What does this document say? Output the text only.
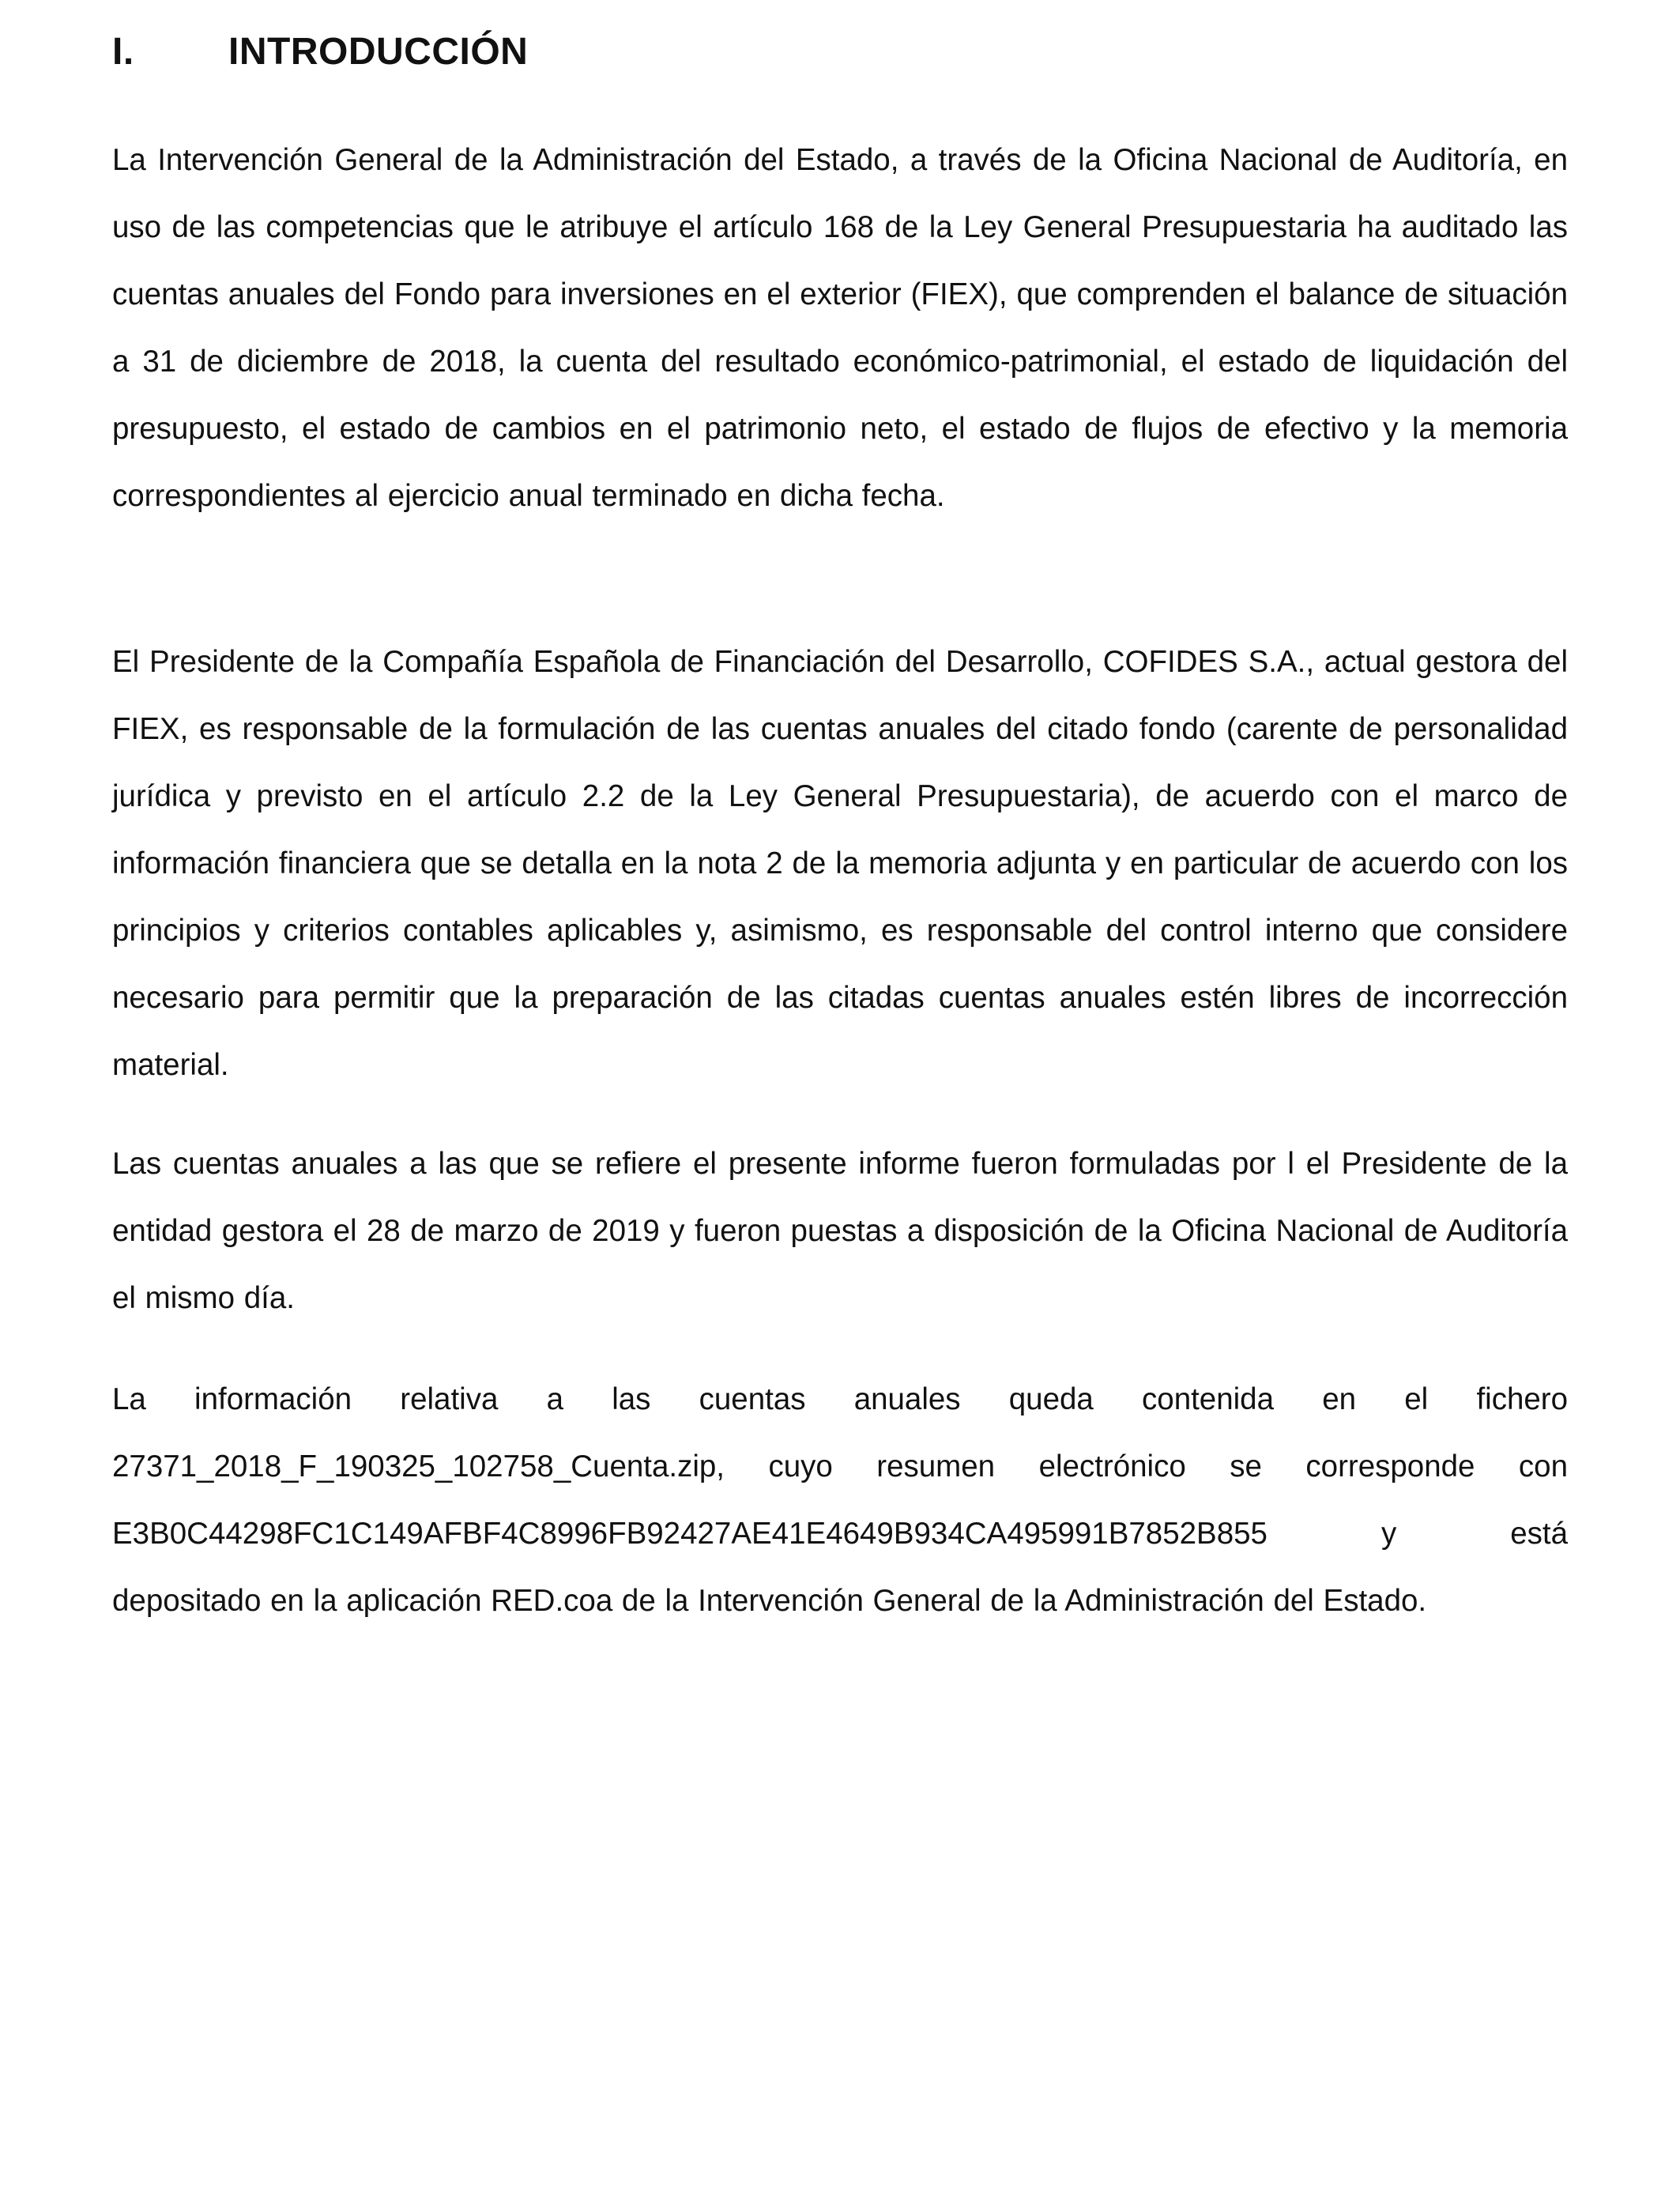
I.	INTRODUCCIÓN

La Intervención General de la Administración del Estado, a través de la Oficina Nacional de Auditoría, en uso de las competencias que le atribuye el artículo 168 de la Ley General Presupuestaria ha auditado las cuentas anuales del Fondo para inversiones en el exterior (FIEX), que comprenden el balance de situación a 31 de diciembre de 2018, la cuenta del resultado económico-patrimonial, el estado de liquidación del presupuesto, el estado de cambios en el patrimonio neto, el estado de flujos de efectivo y la memoria correspondientes al ejercicio anual terminado en dicha fecha.

El Presidente de la Compañía Española de Financiación del Desarrollo, COFIDES S.A., actual gestora del FIEX, es responsable de la formulación de las cuentas anuales del citado fondo (carente de personalidad jurídica y previsto en el artículo 2.2 de la Ley General Presupuestaria), de acuerdo con el marco de información financiera que se detalla en la nota 2 de la memoria adjunta y en particular de acuerdo con los principios y criterios contables aplicables y, asimismo, es responsable del control interno que considere necesario para permitir que la preparación de las citadas cuentas anuales estén libres de incorrección material.

Las cuentas anuales a las que se refiere el presente informe fueron formuladas por l el Presidente de la entidad gestora el 28 de marzo de 2019 y fueron puestas a disposición de la Oficina Nacional de Auditoría el mismo día.

La información relativa a las cuentas anuales queda contenida en el fichero
27371_2018_F_190325_102758_Cuenta.zip, cuyo resumen electrónico se corresponde con
E3B0C44298FC1C149AFBF4C8996FB92427AE41E4649B934CA495991B7852B855 y está
depositado en la aplicación RED.coa de la Intervención General de la Administración del Estado.
